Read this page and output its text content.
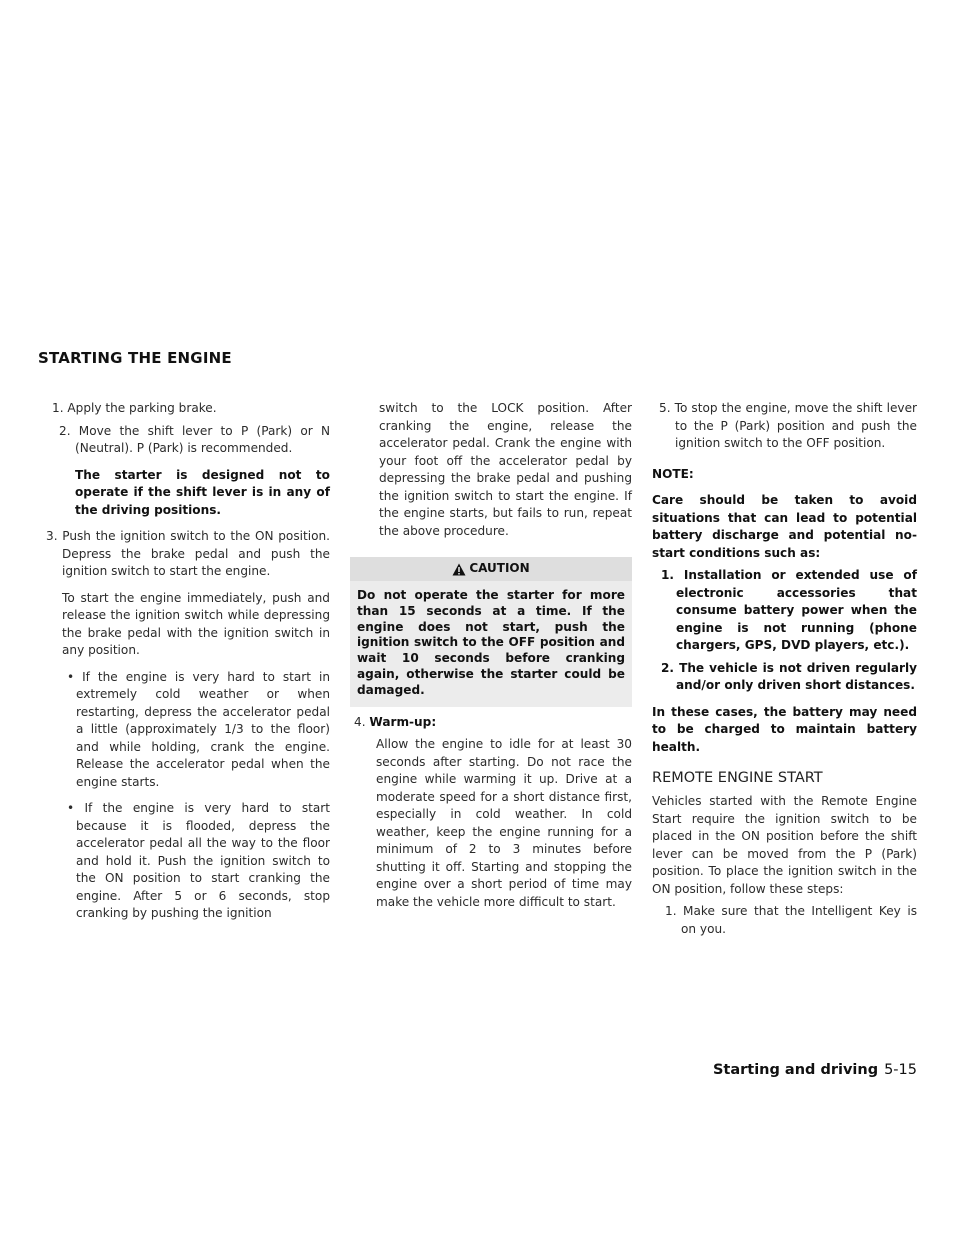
STARTING THE ENGINE

1. Apply the parking brake.

2. Move the shift lever to P (Park) or N (Neutral). P (Park) is recommended.

The starter is designed not to operate if the shift lever is in any of the driving positions.

3. Push the ignition switch to the ON position. Depress the brake pedal and push the ignition switch to start the engine.

To start the engine immediately, push and release the ignition switch while depressing the brake pedal with the ignition switch in any position.

• If the engine is very hard to start in extremely cold weather or when restarting, depress the accelerator pedal a little (approximately 1/3 to the floor) and while holding, crank the engine. Release the accelerator pedal when the engine starts.

• If the engine is very hard to start because it is flooded, depress the accelerator pedal all the way to the floor and hold it. Push the ignition switch to the ON position to start cranking the engine. After 5 or 6 seconds, stop cranking by pushing the ignition

switch to the LOCK position. After cranking the engine, release the accelerator pedal. Crank the engine with your foot off the accelerator pedal by depressing the brake pedal and pushing the ignition switch to start the engine. If the engine starts, but fails to run, repeat the above procedure.

CAUTION
Do not operate the starter for more than 15 seconds at a time. If the engine does not start, push the ignition switch to the OFF position and wait 10 seconds before cranking again, otherwise the starter could be damaged.

4. Warm-up:

Allow the engine to idle for at least 30 seconds after starting. Do not race the engine while warming it up. Drive at a moderate speed for a short distance first, especially in cold weather. In cold weather, keep the engine running for a minimum of 2 to 3 minutes before shutting it off. Starting and stopping the engine over a short period of time may make the vehicle more difficult to start.

5. To stop the engine, move the shift lever to the P (Park) position and push the ignition switch to the OFF position.

NOTE:

Care should be taken to avoid situations that can lead to potential battery discharge and potential no-start conditions such as:

1. Installation or extended use of electronic accessories that consume battery power when the engine is not running (phone chargers, GPS, DVD players, etc.).

2. The vehicle is not driven regularly and/or only driven short distances.

In these cases, the battery may need to be charged to maintain battery health.

REMOTE ENGINE START

Vehicles started with the Remote Engine Start require the ignition switch to be placed in the ON position before the shift lever can be moved from the P (Park) position. To place the ignition switch in the ON position, follow these steps:

1. Make sure that the Intelligent Key is on you.

Starting and driving 5-15
